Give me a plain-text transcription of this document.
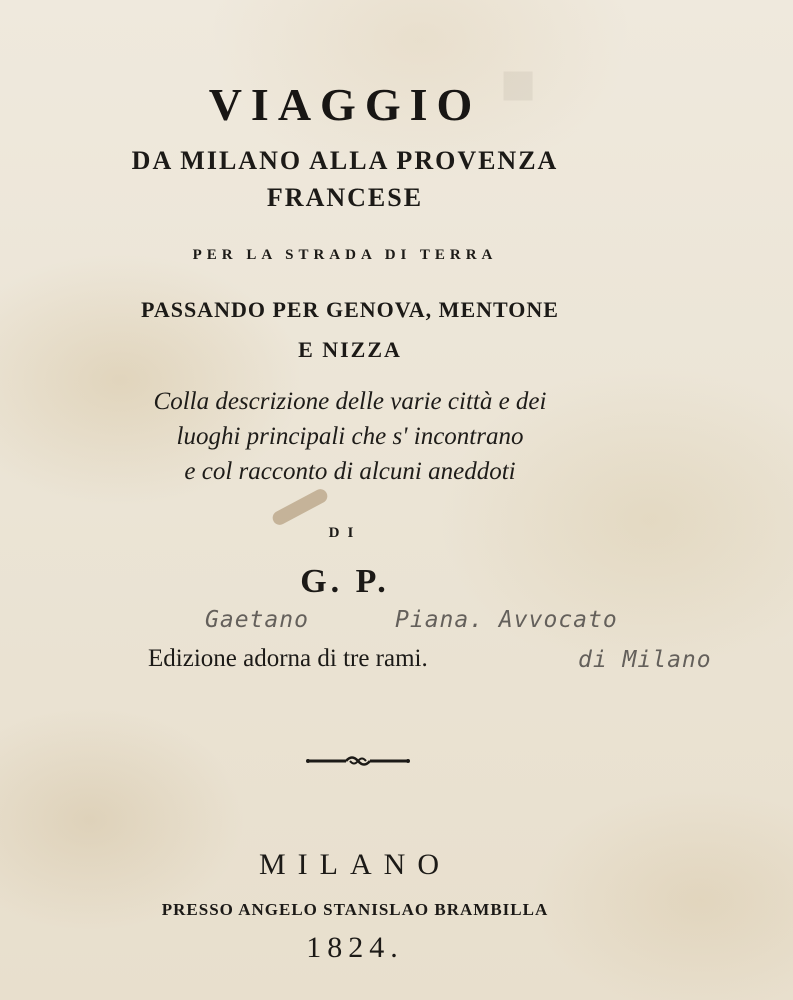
■
VIAGGIO
DA MILANO ALLA PROVENZA
FRANCESE
PER LA STRADA DI TERRA
PASSANDO PER GENOVA, MENTONE
E NIZZA
Colla descrizione delle varie città e dei
luoghi principali che s' incontrano
e col racconto di alcuni aneddoti
DI
G. P.
Gaetano	Piana. Avvocato
Edizione adorna di tre rami.	di Milano
MILANO
PRESSO ANGELO STANISLAO BRAMBILLA
1824.
